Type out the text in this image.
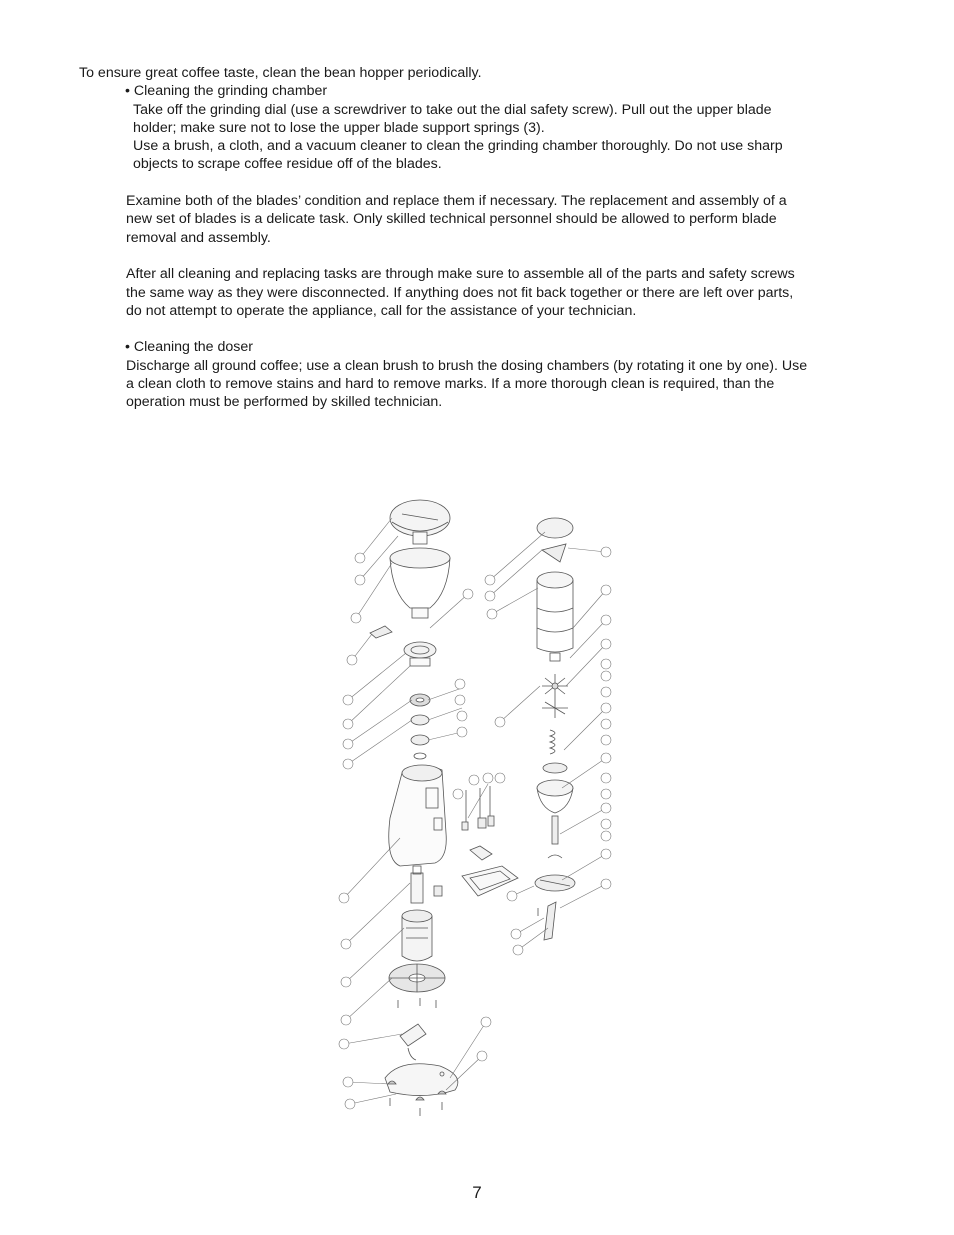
To ensure great coffee taste, clean the bean hopper periodically.

• Cleaning the grinding chamber

Take off the grinding dial (use a screwdriver to take out the dial safety screw). Pull out the upper blade

holder; make sure not to lose the upper blade support springs (3).

Use a brush, a cloth, and a vacuum cleaner to clean the grinding chamber thoroughly. Do not use sharp

objects to scrape coffee residue off of the blades.

Examine both of the blades’ condition and replace them if necessary. The replacement and assembly of a

new set of blades is a delicate task. Only skilled technical personnel should be allowed to perform blade

removal and assembly.

After all cleaning and replacing tasks are through make sure to assemble all of the parts and safety screws

the same way as they were disconnected. If anything does not fit back together or there are left over parts,

do not attempt to operate the appliance, call for the assistance of your technician.

• Cleaning the doser

Discharge all ground coffee; use a clean brush to brush the dosing chambers (by rotating it one by one). Use

a clean cloth to remove stains and hard to remove marks. If a more thorough clean is required, than the

operation must be performed by skilled technician.

7
